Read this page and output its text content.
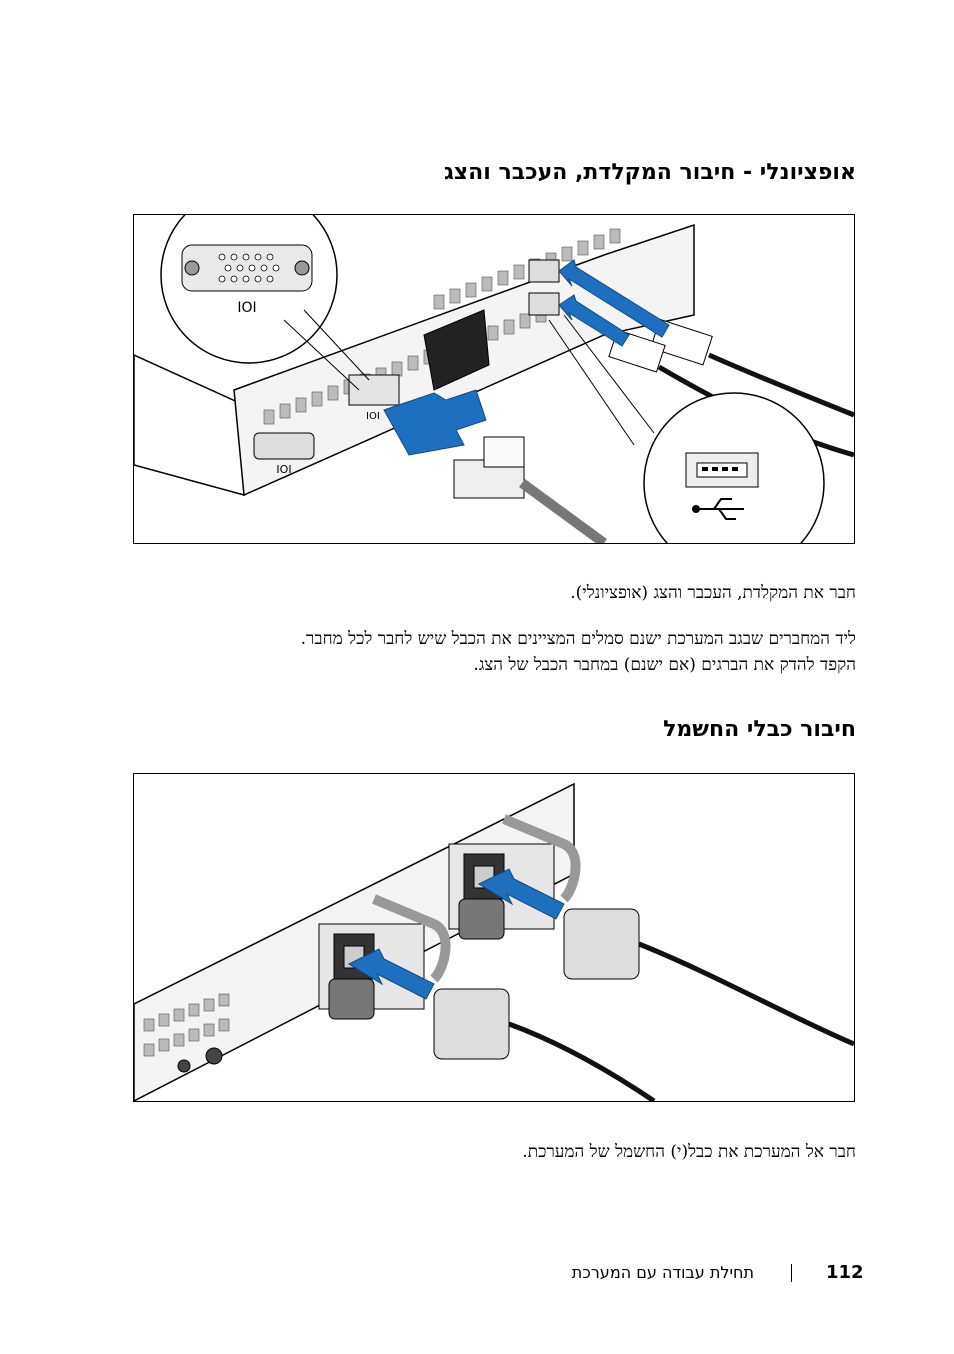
אופציונלי - חיבור המקלדת, העכבר והצג
IOI
IOI
IOI
חבר את המקלדת, העכבר והצג (אופציונלי).
ליד המחברים שבגב המערכת ישנם סמלים המציינים את הכבל שיש לחבר לכל מחבר.
הקפד להדק את הברגים (אם ישנם) במחבר הכבל של הצג.
חיבור כבלי החשמל
חבר אל המערכת את כבל(י) החשמל של המערכת.
112
תחילת עבודה עם המערכת
